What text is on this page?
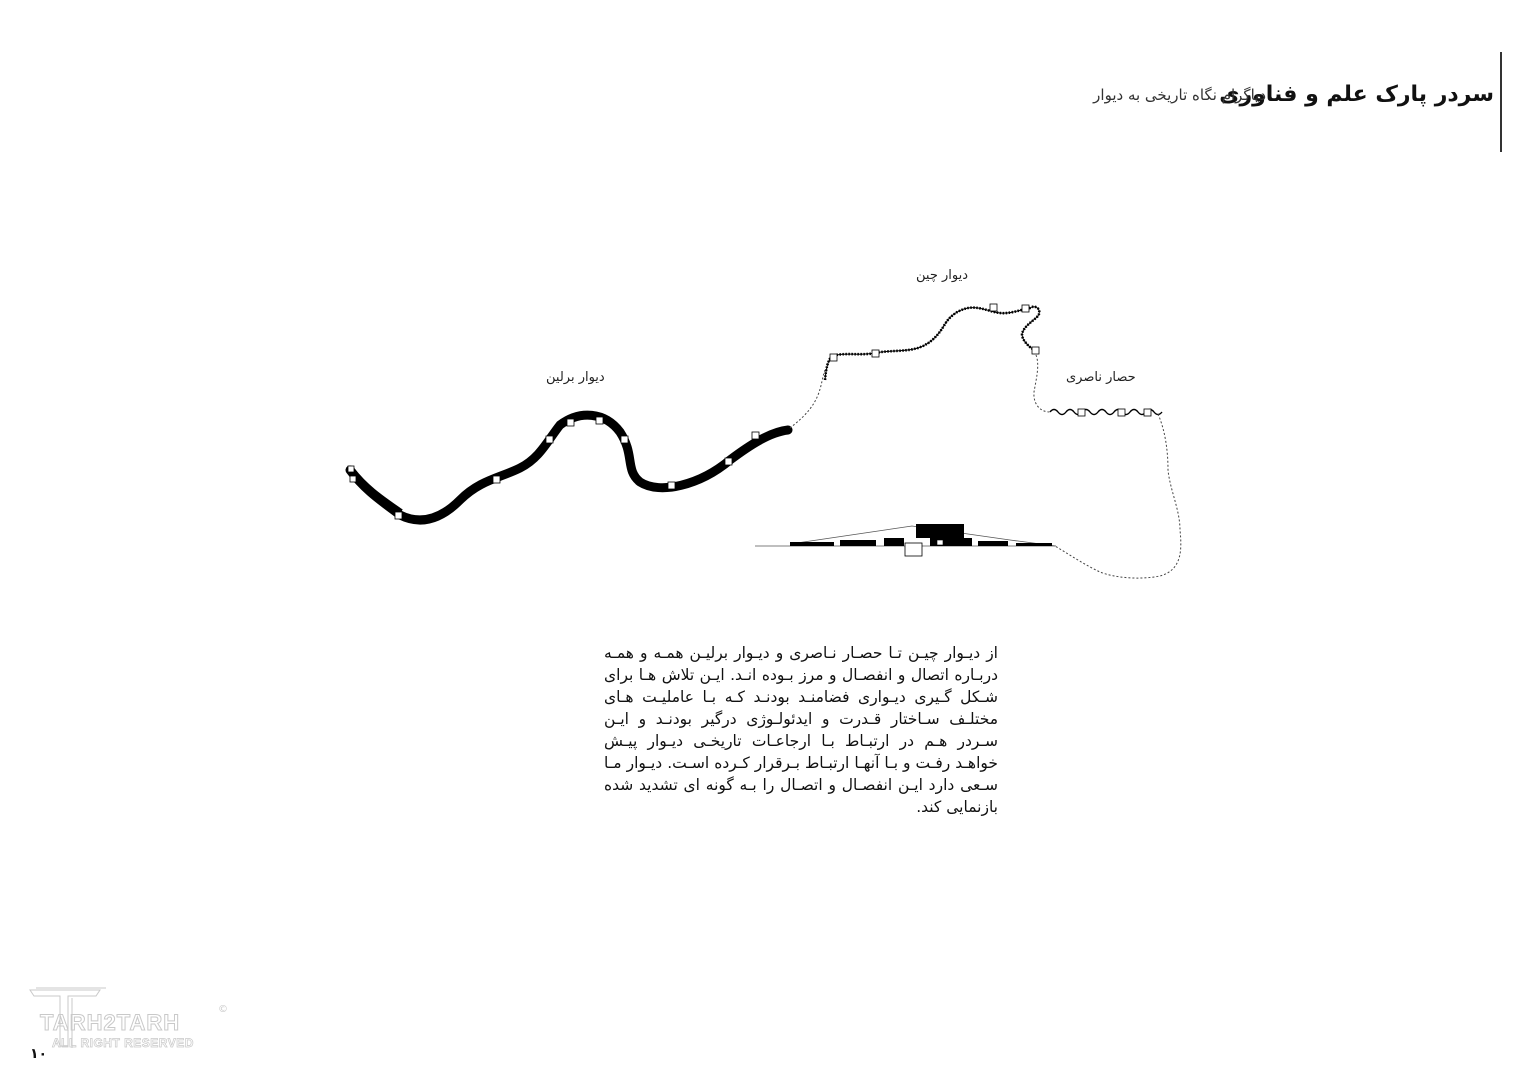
سردر پارک علم و فناوری
دیاگرام نگاه تاریخی به دیوار
دیوار چین
دیوار برلین	حصار ناصری
از دیـوار چیـن تـا حصـار نـاصری و دیـوار برلیـن همـه و همـه دربـاره اتصال و انفصـال و مرز بـوده انـد. ایـن تلاش هـا برای شـکل گـیری دیـواری فضامنـد بودنـد کـه بـا عاملیـت هـای مختلـف سـاختار قـدرت و ایدئولـوژی درگیر بودنـد و ایـن سـردر هـم در ارتبـاط بـا ارجاعـات تاریخـی دیـوار پیـش خواهـد رفـت و بـا آنهـا ارتبـاط بـرقرار کـرده اسـت. دیـوار مـا سـعی دارد ایـن انفصـال و اتصـال را بـه گونه ای تشدید شده بازنمایی کند.
TARH2TARH
ALL RIGHT RESERVED
©
۱۰
